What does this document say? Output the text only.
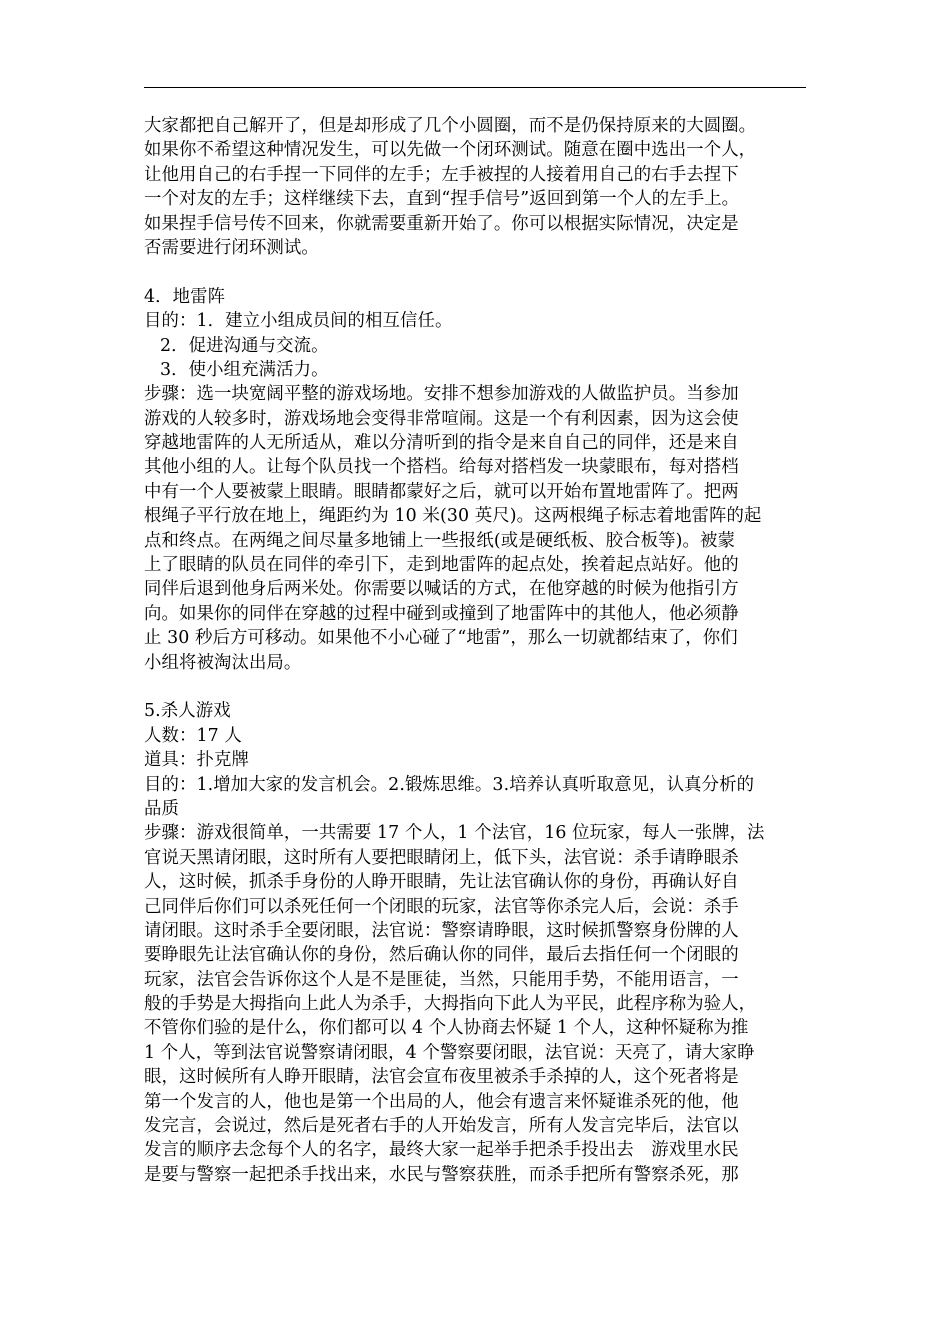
大家都把自己解开了，但是却形成了几个小圆圈，而不是仍保持原来的大圆圈。
如果你不希望这种情况发生，可以先做一个闭环测试。随意在圈中选出一个人，
让他用自己的右手捏一下同伴的左手；左手被捏的人接着用自己的右手去捏下
一个对友的左手；这样继续下去，直到“捏手信号”返回到第一个人的左手上。
如果捏手信号传不回来，你就需要重新开始了。你可以根据实际情况，决定是
否需要进行闭环测试。
4．地雷阵
目的：1．建立小组成员间的相互信任。
2．促进沟通与交流。
3．使小组充满活力。
步骤：选一块宽阔平整的游戏场地。安排不想参加游戏的人做监护员。当参加
游戏的人较多时，游戏场地会变得非常喧闹。这是一个有利因素，因为这会使
穿越地雷阵的人无所适从，难以分清听到的指令是来自自己的同伴，还是来自
其他小组的人。让每个队员找一个搭档。给每对搭档发一块蒙眼布，每对搭档
中有一个人要被蒙上眼睛。眼睛都蒙好之后，就可以开始布置地雷阵了。把两
根绳子平行放在地上，绳距约为 10 米(30 英尺)。这两根绳子标志着地雷阵的起
点和终点。在两绳之间尽量多地铺上一些报纸(或是硬纸板、胶合板等)。被蒙
上了眼睛的队员在同伴的牵引下，走到地雷阵的起点处，挨着起点站好。他的
同伴后退到他身后两米处。你需要以喊话的方式，在他穿越的时候为他指引方
向。如果你的同伴在穿越的过程中碰到或撞到了地雷阵中的其他人，他必须静
止 30 秒后方可移动。如果他不小心碰了“地雷”，那么一切就都结束了，你们
小组将被淘汰出局。
5.杀人游戏
人数：17 人
道具：扑克牌
目的：1.增加大家的发言机会。2.锻炼思维。3.培养认真听取意见，认真分析的
品质
步骤：游戏很简单，一共需要 17 个人，1 个法官，16 位玩家，每人一张牌，法
官说天黑请闭眼，这时所有人要把眼睛闭上，低下头，法官说：杀手请睁眼杀
人，这时候，抓杀手身份的人睁开眼睛，先让法官确认你的身份，再确认好自
己同伴后你们可以杀死任何一个闭眼的玩家，法官等你杀完人后，会说：杀手
请闭眼。这时杀手全要闭眼，法官说：警察请睁眼，这时候抓警察身份牌的人
要睁眼先让法官确认你的身份，然后确认你的同伴，最后去指任何一个闭眼的
玩家，法官会告诉你这个人是不是匪徒，当然，只能用手势，不能用语言，一
般的手势是大拇指向上此人为杀手，大拇指向下此人为平民，此程序称为验人，
不管你们验的是什么，你们都可以 4 个人协商去怀疑 1 个人，这种怀疑称为推
1 个人，等到法官说警察请闭眼，4 个警察要闭眼，法官说：天亮了，请大家睁
眼，这时候所有人睁开眼睛，法官会宣布夜里被杀手杀掉的人，这个死者将是
第一个发言的人，他也是第一个出局的人，他会有遗言来怀疑谁杀死的他，他
发完言，会说过，然后是死者右手的人开始发言，所有人发言完毕后，法官以
发言的顺序去念每个人的名字，最终大家一起举手把杀手投出去　游戏里水民
是要与警察一起把杀手找出来，水民与警察获胜，而杀手把所有警察杀死，那
